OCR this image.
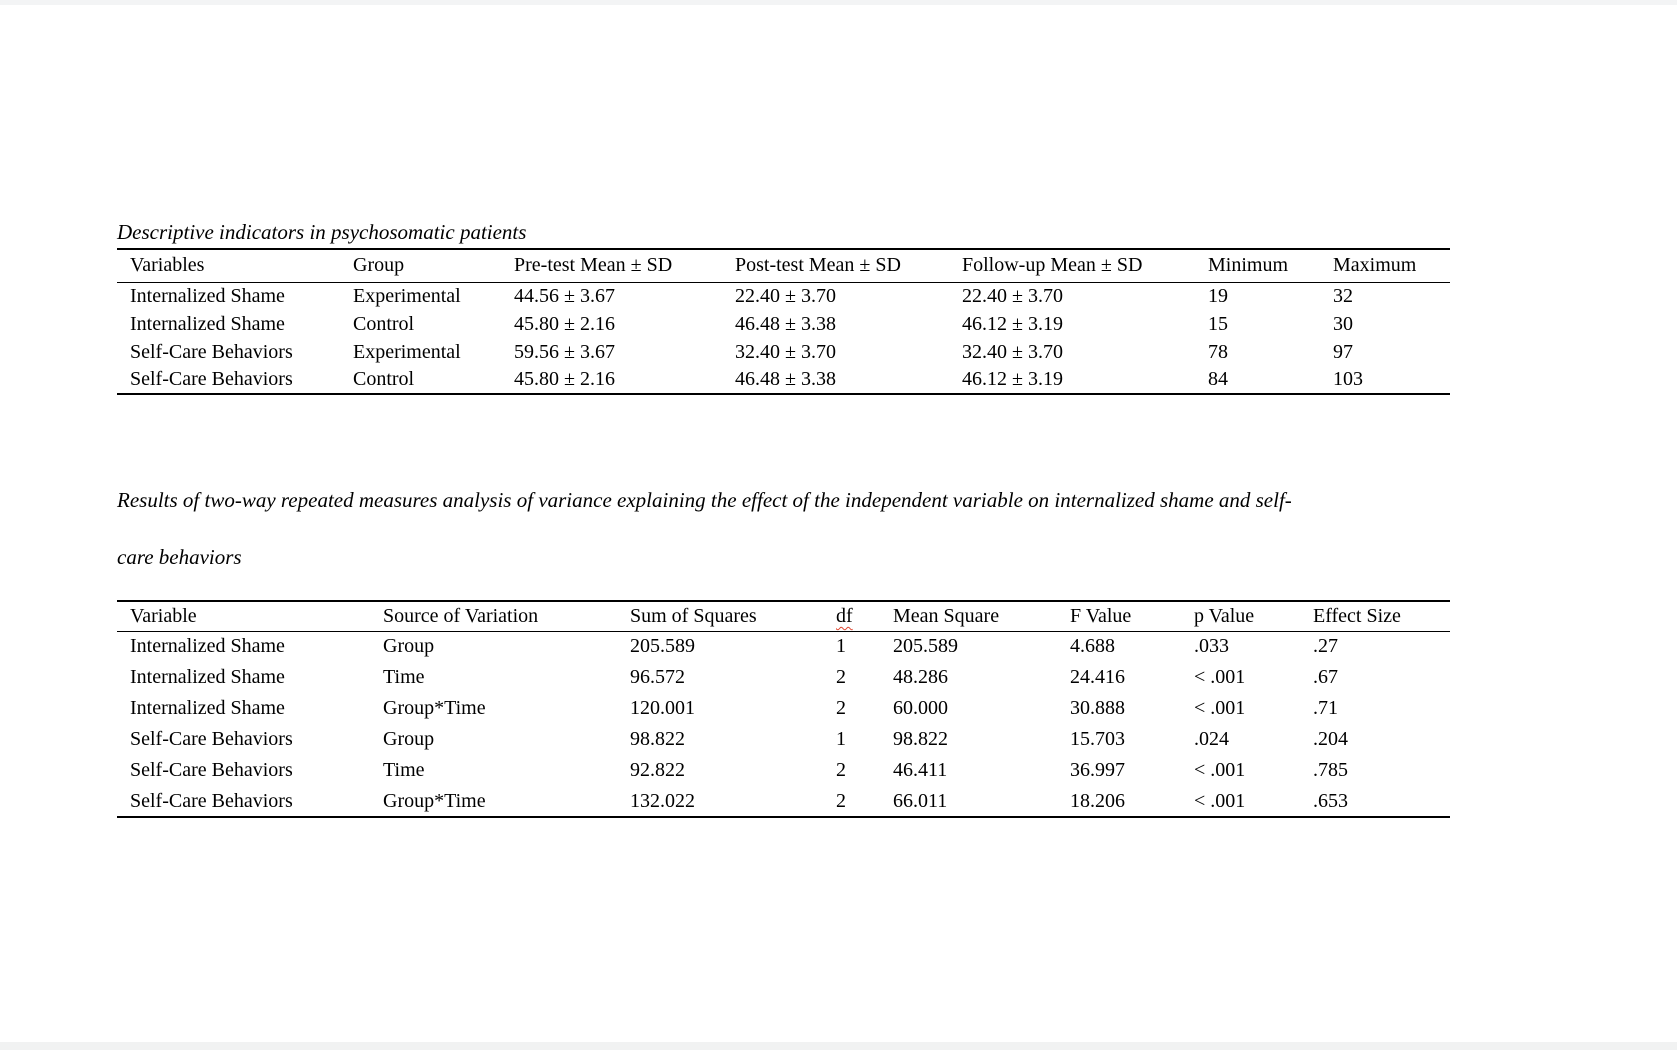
Descriptive indicators in psychosomatic patients

Variables	Group	Pre-test Mean ± SD	Post-test Mean ± SD	Follow-up Mean ± SD	Minimum	Maximum
Internalized Shame	Experimental	44.56 ± 3.67	22.40 ± 3.70	22.40 ± 3.70	19	32
Internalized Shame	Control	45.80 ± 2.16	46.48 ± 3.38	46.12 ± 3.19	15	30
Self-Care Behaviors	Experimental	59.56 ± 3.67	32.40 ± 3.70	32.40 ± 3.70	78	97
Self-Care Behaviors	Control	45.80 ± 2.16	46.48 ± 3.38	46.12 ± 3.19	84	103
Results of two-way repeated measures analysis of variance explaining the effect of the independent variable on internalized shame and self-
care behaviors
Variable	Source of Variation	Sum of Squares	df	Mean Square	F Value	p Value	Effect Size
Internalized Shame	Group	205.589	1	205.589	4.688	.033	.27
Internalized Shame	Time	96.572	2	48.286	24.416	< .001	.67
Internalized Shame	Group*Time	120.001	2	60.000	30.888	< .001	.71
Self-Care Behaviors	Group	98.822	1	98.822	15.703	.024	.204
Self-Care Behaviors	Time	92.822	2	46.411	36.997	< .001	.785
Self-Care Behaviors	Group*Time	132.022	2	66.011	18.206	< .001	.653
